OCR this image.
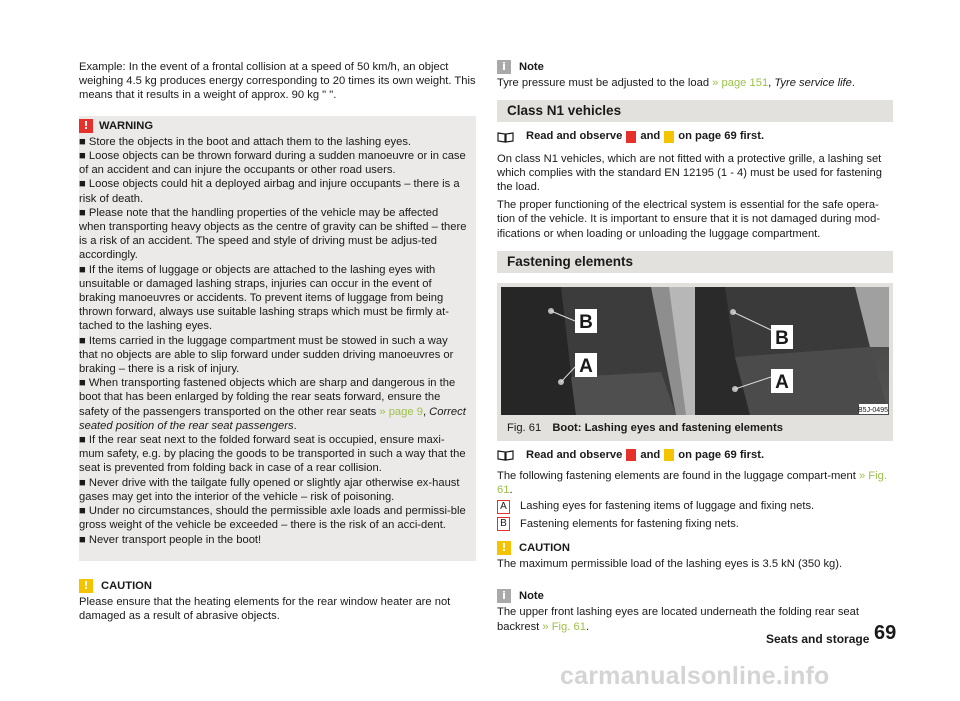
Example: In the event of a frontal collision at a speed of 50 km/h, an object weighing 4.5 kg produces energy corresponding to 20 times its own weight. This means that it results in a weight of approx. 90 kg " ".

! WARNING

■ Store the objects in the boot and attach them to the lashing eyes.

■ Loose objects can be thrown forward during a sudden manoeuvre or in case of an accident and can injure the occupants or other road users.

■ Loose objects could hit a deployed airbag and injure occupants – there is a risk of death.

■ Please note that the handling properties of the vehicle may be affected when transporting heavy objects as the centre of gravity can be shifted – there is a risk of an accident. The speed and style of driving must be adjus-ted accordingly.

■ If the items of luggage or objects are attached to the lashing eyes with unsuitable or damaged lashing straps, injuries can occur in the event of braking manoeuvres or accidents. To prevent items of luggage from being thrown forward, always use suitable lashing straps which must be firmly at-tached to the lashing eyes.

■ Items carried in the luggage compartment must be stowed in such a way that no objects are able to slip forward under sudden driving manoeuvres or braking – there is a risk of injury.

■ When transporting fastened objects which are sharp and dangerous in the boot that has been enlarged by folding the rear seats forward, ensure the safety of the passengers transported on the other rear seats » page 9, Correct seated position of the rear seat passengers.

■ If the rear seat next to the folded forward seat is occupied, ensure maxi-mum safety, e.g. by placing the goods to be transported in such a way that the seat is prevented from folding back in case of a rear collision.

■ Never drive with the tailgate fully opened or slightly ajar otherwise ex-haust gases may get into the interior of the vehicle – risk of poisoning.

■ Under no circumstances, should the permissible axle loads and permissi-ble gross weight of the vehicle be exceeded – there is the risk of an acci-dent.

■ Never transport people in the boot!

!	CAUTION

Please ensure that the heating elements for the rear window heater are not damaged as a result of abrasive objects.

i	Note

Tyre pressure must be adjusted to the load » page 151, Tyre service life.

Class N1 vehicles
Read and observe and on page 69 first.

On class N1 vehicles, which are not fitted with a protective grille, a lashing set which complies with the standard EN 12195 (1 - 4) must be used for fastening the load.

The proper functioning of the electrical system is essential for the safe opera-tion of the vehicle. It is important to ensure that it is not damaged during mod-ifications or when loading or unloading the luggage compartment.

Fastening elements
B
A
B
A
B5J-0495
Fig. 61 Boot: Lashing eyes and fastening elements
Read and observe and on page 69 first.

The following fastening elements are found in the luggage compart-ment » Fig. 61.

A Lashing eyes for fastening items of luggage and fixing nets.
B Fastening elements for fastening fixing nets.
!	CAUTION

The maximum permissible load of the lashing eyes is 3.5 kN (350 kg).

i	Note

The upper front lashing eyes are located underneath the folding rear seat backrest » Fig. 61.

Seats and storage 69
carmanualsonline.info
